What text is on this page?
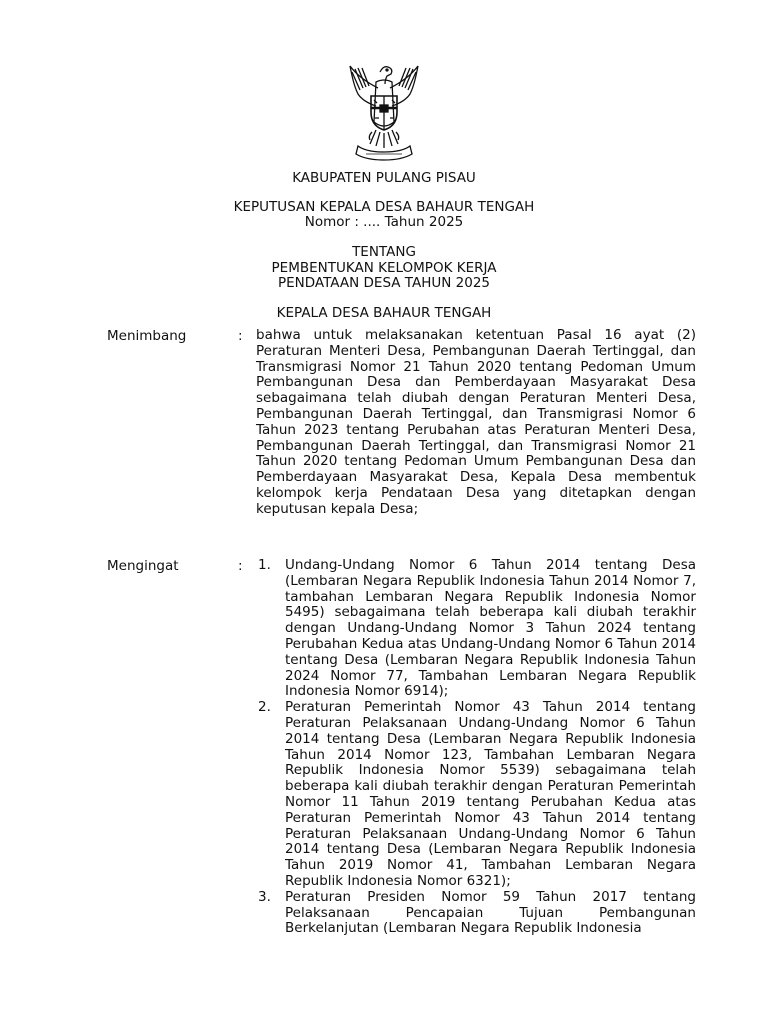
KABUPATEN PULANG PISAU
KEPUTUSAN KEPALA DESA BAHAUR TENGAH
Nomor : .... Tahun 2025
TENTANG
PEMBENTUKAN KELOMPOK KERJA
PENDATAAN DESA TAHUN 2025
KEPALA DESA BAHAUR TENGAH
Menimbang	: bahwa untuk melaksanakan ketentuan Pasal 16 ayat (2) Peraturan Menteri Desa, Pembangunan Daerah Tertinggal, dan Transmigrasi Nomor 21 Tahun 2020 tentang Pedoman Umum Pembangunan Desa dan Pemberdayaan Masyarakat Desa sebagaimana telah diubah dengan Peraturan Menteri Desa, Pembangunan Daerah Tertinggal, dan Transmigrasi Nomor 6 Tahun 2023 tentang Perubahan atas Peraturan Menteri Desa, Pembangunan Daerah Tertinggal, dan Transmigrasi Nomor 21 Tahun 2020 tentang Pedoman Umum Pembangunan Desa dan Pemberdayaan Masyarakat Desa, Kepala Desa membentuk kelompok kerja Pendataan Desa yang ditetapkan dengan keputusan kepala Desa;

Mengingat	: 1. Undang-Undang Nomor 6 Tahun 2014 tentang Desa (Lembaran Negara Republik Indonesia Tahun 2014 Nomor 7, tambahan Lembaran Negara Republik Indonesia Nomor 5495) sebagaimana telah beberapa kali diubah terakhir dengan Undang-Undang Nomor 3 Tahun 2024 tentang Perubahan Kedua atas Undang-Undang Nomor 6 Tahun 2014 tentang Desa (Lembaran Negara Republik Indonesia Tahun 2024 Nomor 77, Tambahan Lembaran Negara Republik Indonesia Nomor 6914);
2. Peraturan Pemerintah Nomor 43 Tahun 2014 tentang Peraturan Pelaksanaan Undang-Undang Nomor 6 Tahun 2014 tentang Desa (Lembaran Negara Republik Indonesia Tahun 2014 Nomor 123, Tambahan Lembaran Negara Republik Indonesia Nomor 5539) sebagaimana telah beberapa kali diubah terakhir dengan Peraturan Pemerintah Nomor 11 Tahun 2019 tentang Perubahan Kedua atas Peraturan Pemerintah Nomor 43 Tahun 2014 tentang Peraturan Pelaksanaan Undang-Undang Nomor 6 Tahun 2014 tentang Desa (Lembaran Negara Republik Indonesia Tahun 2019 Nomor 41, Tambahan Lembaran Negara Republik Indonesia Nomor 6321);
3. Peraturan Presiden Nomor 59 Tahun 2017 tentang Pelaksanaan Pencapaian Tujuan Pembangunan Berkelanjutan (Lembaran Negara Republik Indonesia
